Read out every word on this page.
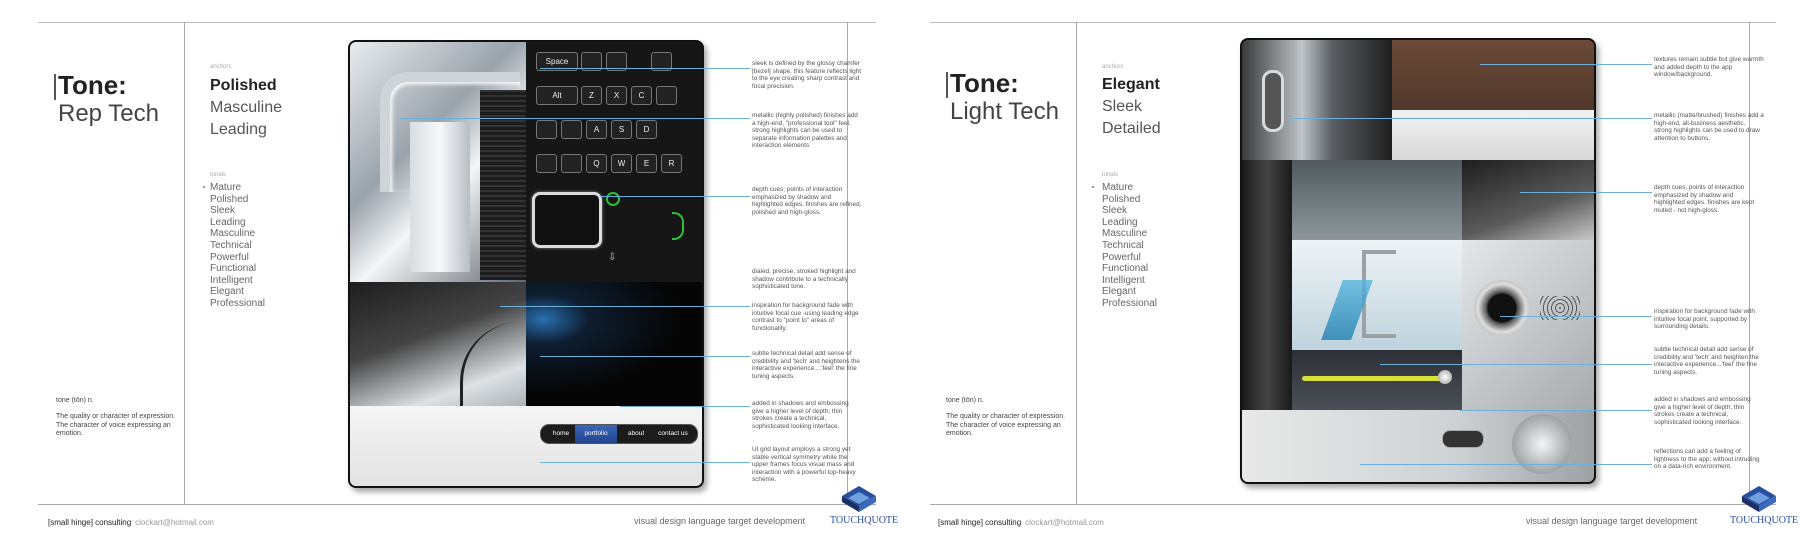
Tone:
Rep Tech
anchors
Polished
Masculine
Leading
tonals
Mature
Polished
Sleek
Leading
Masculine
Technical
Powerful
Functional
Intelligent
Elegant
Professional
tone (tōn) n.
The quality or character of expression. The character of voice expressing an emotion.
[small hinge] consulting clockart@hotmail.com	visual design language target development TOUCHQUOTE
Space
Alt	Z	X	C
A	S	D
Q	W	E	R
⇩
home	portfolio	about	contact us
sleek is defined by the glossy chamfer [bezel] shape. this feature reflects light to the eye creating sharp contrast and focal precision.
metallic (highly polished) finishes add a high-end, "professional tool" feel. strong highlights can be used to separate information palettes and interaction elements
depth cues; points of interaction emphasized by shadow and highlighted edges. finishes are refined, polished and high-gloss.
dialed, precise, stroked highlight and shadow contribute to a technically sophisticated tone.
inspiration for background fade with intuitive focal cue -using leading edge contrast to "point to" areas of functionality.
subtle technical detail add sense of credibility and 'tech' and heightens the interactive experience....'feel' the fine tuning aspects.
added in shadows and embossing give a higher level of depth; thin strokes create a technical, sophisticated looking interface.
UI grid layout employs a strong yet stable vertical symmetry while the upper frames focus visual mass and interaction with a powerful top-heavy scheme.
Tone:
Light Tech
anchors
Elegant
Sleek
Detailed
tonals
Mature
Polished
Sleek
Leading
Masculine
Technical
Powerful
Functional
Intelligent
Elegant
Professional
tone (tōn) n.
The quality or character of expression. The character of voice expressing an emotion.
[small hinge] consulting clockart@hotmail.com	visual design language target development	TOUCHQUOTE
textures remain subtle but give warmth and added depth to the app window/background.
metallic (matte/brushed) finishes add a high-end, all-business aesthetic. strong highlights can be used to draw attention to buttons.
depth cues; points of interaction emphasized by shadow and highlighted edges. finishes are kept muted - not high-gloss.
inspiration for background fade with intuitive focal point, supported by surrounding details.
subtle technical detail add sense of credibility and 'tech' and heighten the interactive experience...'feel' the fine tuning aspects.
added in shadows and embossing give a higher level of depth; thin strokes create a technical, sophisticated looking interface.
reflections can add a feeling of lightness to the app; without intruding on a data-rich environment.
